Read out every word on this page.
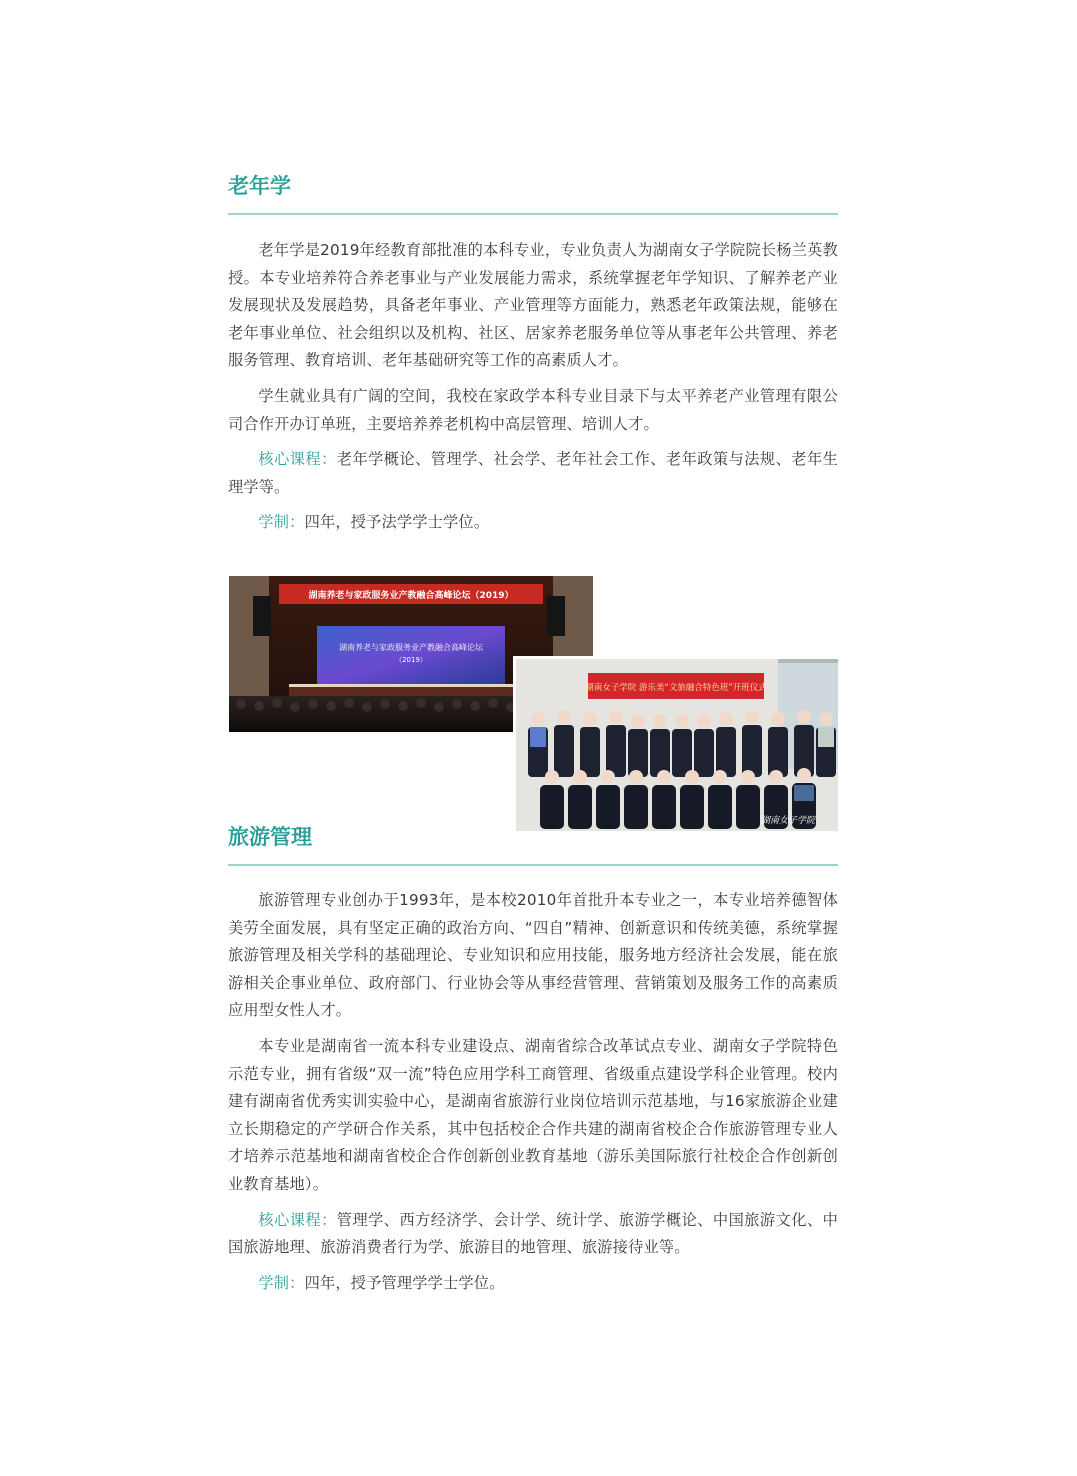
老年学

老年学是2019年经教育部批准的本科专业，专业负责人为湖南女子学院院长杨兰英教授。本专业培养符合养老事业与产业发展能力需求，系统掌握老年学知识、了解养老产业发展现状及发展趋势，具备老年事业、产业管理等方面能力，熟悉老年政策法规，能够在老年事业单位、社会组织以及机构、社区、居家养老服务单位等从事老年公共管理、养老服务管理、教育培训、老年基础研究等工作的高素质人才。

学生就业具有广阔的空间，我校在家政学本科专业目录下与太平养老产业管理有限公司合作开办订单班，主要培养养老机构中高层管理、培训人才。

核心课程：老年学概论、管理学、社会学、老年社会工作、老年政策与法规、老年生理学等。

学制：四年，授予法学学士学位。

湖南养老与家政服务业产教融合高峰论坛（2019）
湖南养老与家政服务业产教融合高峰论坛
（2019）
湖南女子学院 游乐美“文旅融合特色班”开班仪式
湖南女子学院
旅游管理

旅游管理专业创办于1993年，是本校2010年首批升本专业之一，本专业培养德智体美劳全面发展，具有坚定正确的政治方向、“四自”精神、创新意识和传统美德，系统掌握旅游管理及相关学科的基础理论、专业知识和应用技能，服务地方经济社会发展，能在旅游相关企事业单位、政府部门、行业协会等从事经营管理、营销策划及服务工作的高素质应用型女性人才。

本专业是湖南省一流本科专业建设点、湖南省综合改革试点专业、湖南女子学院特色示范专业，拥有省级“双一流”特色应用学科工商管理、省级重点建设学科企业管理。校内建有湖南省优秀实训实验中心，是湖南省旅游行业岗位培训示范基地，与16家旅游企业建立长期稳定的产学研合作关系，其中包括校企合作共建的湖南省校企合作旅游管理专业人才培养示范基地和湖南省校企合作创新创业教育基地（游乐美国际旅行社校企合作创新创业教育基地）。

核心课程：管理学、西方经济学、会计学、统计学、旅游学概论、中国旅游文化、中国旅游地理、旅游消费者行为学、旅游目的地管理、旅游接待业等。

学制：四年，授予管理学学士学位。
